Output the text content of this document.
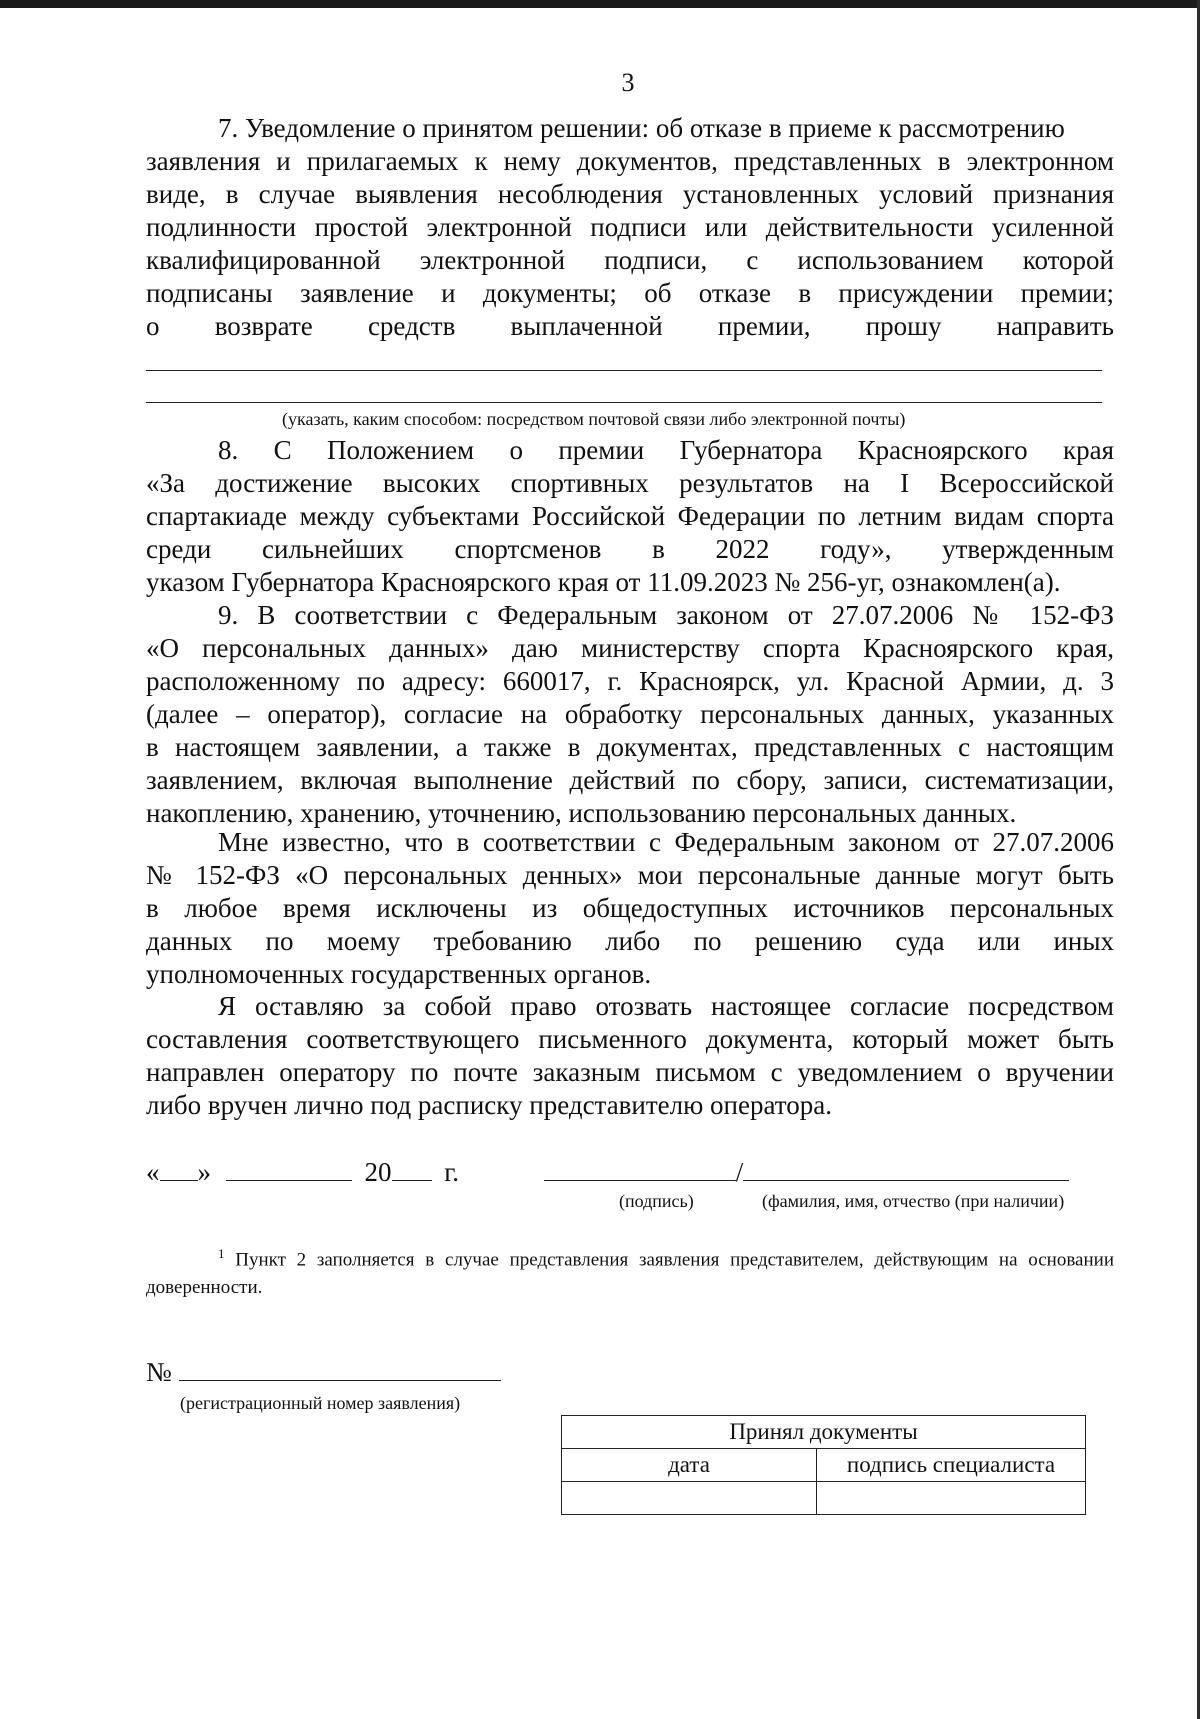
3

7. Уведомление о принятом решении: об отказе в приеме к рассмотрению

заявления и прилагаемых к нему документов, представленных в электронном

виде, в случае выявления несоблюдения установленных условий признания

подлинности простой электронной подписи или действительности усиленной

квалифицированной электронной подписи, с использованием которой

подписаны заявление и документы; об отказе в присуждении премии;

о возврате средств выплаченной премии, прошу направить

(указать, каким способом: посредством почтовой связи либо электронной почты)

8. С Положением о премии Губернатора Красноярского края

«За достижение высоких спортивных результатов на I Всероссийской

спартакиаде между субъектами Российской Федерации по летним видам спорта

среди сильнейших спортсменов в 2022 году», утвержденным

указом Губернатора Красноярского края от 11.09.2023 № 256-уг, ознакомлен(а).

9. В соответствии с Федеральным законом от 27.07.2006 № 152-ФЗ

«О персональных данных» даю министерству спорта Красноярского края,

расположенному по адресу: 660017, г. Красноярск, ул. Красной Армии, д. 3

(далее – оператор), согласие на обработку персональных данных, указанных

в настоящем заявлении, а также в документах, представленных с настоящим

заявлением, включая выполнение действий по сбору, записи, систематизации,

накоплению, хранению, уточнению, использованию персональных данных.

Мне известно, что в соответствии с Федеральным законом от 27.07.2006

№ 152-ФЗ «О персональных денных» мои персональные данные могут быть

в любое время исключены из общедоступных источников персональных

данных по моему требованию либо по решению суда или иных

уполномоченных государственных органов.

Я оставляю за собой право отозвать настоящее согласие посредством

составления соответствующего письменного документа, который может быть

направлен оператору по почте заказным письмом с уведомлением о вручении

либо вручен лично под расписку представителю оператора.

« »	20 г.	/
(подпись)	(фамилия, имя, отчество (при наличии)
$^1$ Пункт 2 заполняется в случае представления заявления представителем, действующим на основании доверенности.
№
(регистрационный номер заявления)
Принял документы	
дата	подпись специалиста
